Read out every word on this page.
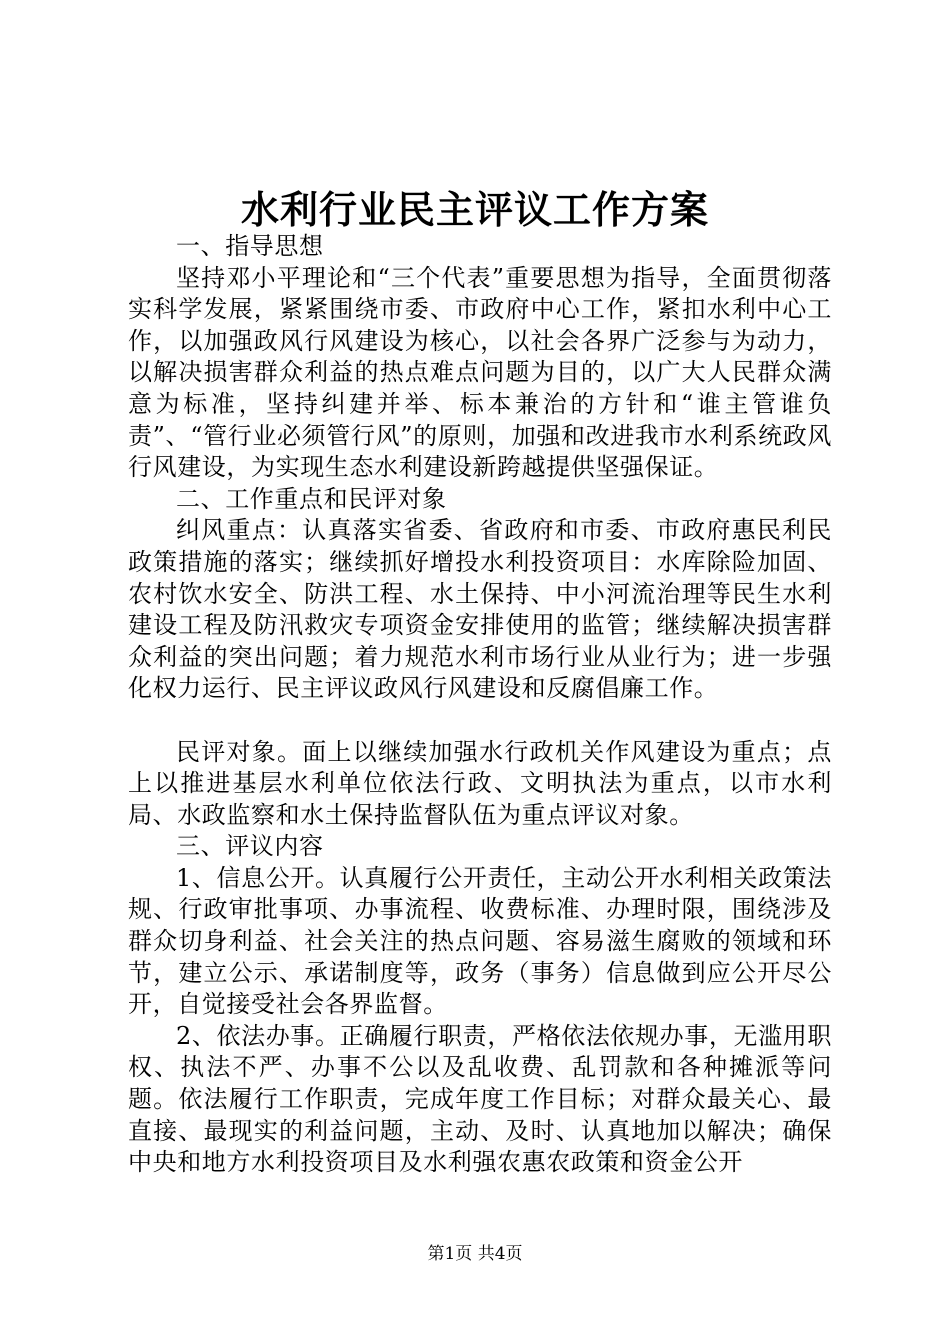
水利行业民主评议工作方案

一、指导思想

坚持邓小平理论和“三个代表”重要思想为指导，全面贯彻落实科学发展，紧紧围绕市委、市政府中心工作，紧扣水利中心工作，以加强政风行风建设为核心，以社会各界广泛参与为动力，以解决损害群众利益的热点难点问题为目的，以广大人民群众满意为标准，坚持纠建并举、标本兼治的方针和“谁主管谁负责”、“管行业必须管行风”的原则，加强和改进我市水利系统政风行风建设，为实现生态水利建设新跨越提供坚强保证。

二、工作重点和民评对象

纠风重点：认真落实省委、省政府和市委、市政府惠民利民政策措施的落实；继续抓好增投水利投资项目：水库除险加固、农村饮水安全、防洪工程、水土保持、中小河流治理等民生水利建设工程及防汛救灾专项资金安排使用的监管；继续解决损害群众利益的突出问题；着力规范水利市场行业从业行为；进一步强化权力运行、民主评议政风行风建设和反腐倡廉工作。

民评对象。面上以继续加强水行政机关作风建设为重点；点上以推进基层水利单位依法行政、文明执法为重点，以市水利局、水政监察和水土保持监督队伍为重点评议对象。

三、评议内容

1、信息公开。认真履行公开责任，主动公开水利相关政策法规、行政审批事项、办事流程、收费标准、办理时限，围绕涉及群众切身利益、社会关注的热点问题、容易滋生腐败的领域和环节，建立公示、承诺制度等，政务（事务）信息做到应公开尽公开，自觉接受社会各界监督。

2、依法办事。正确履行职责，严格依法依规办事，无滥用职权、执法不严、办事不公以及乱收费、乱罚款和各种摊派等问题。依法履行工作职责，完成年度工作目标；对群众最关心、最直接、最现实的利益问题，主动、及时、认真地加以解决；确保中央和地方水利投资项目及水利强农惠农政策和资金公开

第1页 共4页
